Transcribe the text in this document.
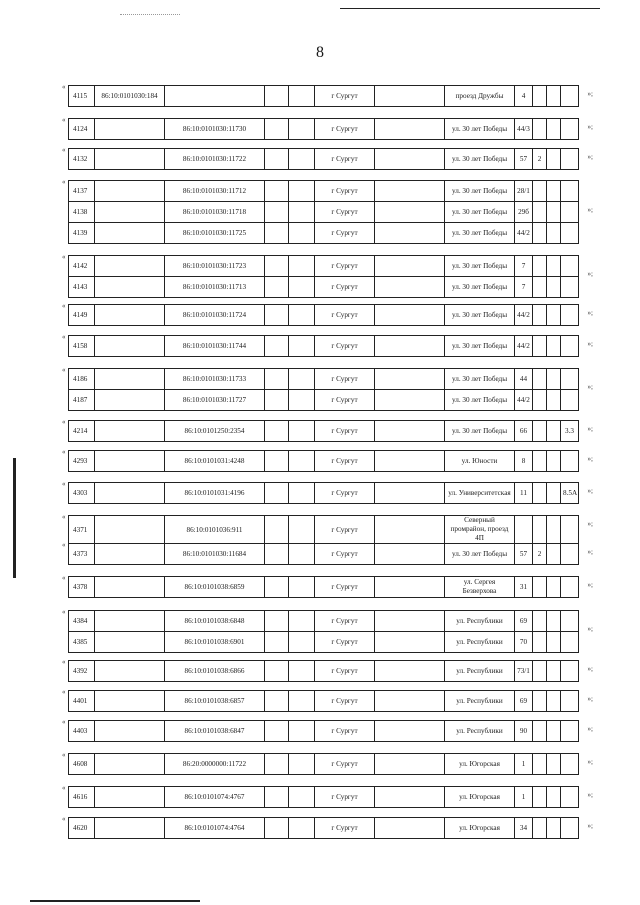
8
«
4115	86:10:0101030:184				г Сургут		проезд Дружбы	4				»;
«
4124		86:10:0101030:11730			г Сургут		ул. 30 лет Победы	44/3				»;
«
4132		86:10:0101030:11722			г Сургут		ул. 30 лет Победы	57	2			»;
«
4137		86:10:0101030:11712			г Сургут		ул. 30 лет Победы	28/1			
4138		86:10:0101030:11718			г Сургут		ул. 30 лет Победы	29б			
4139		86:10:0101030:11725			г Сургут		ул. 30 лет Победы	44/2			
»;
«
4142		86:10:0101030:11723			г Сургут		ул. 30 лет Победы	7			
4143		86:10:0101030:11713			г Сургут		ул. 30 лет Победы	7			
»;
«
4149		86:10:0101030:11724			г Сургут		ул. 30 лет Победы	44/2				»;
«
4158		86:10:0101030:11744			г Сургут		ул. 30 лет Победы	44/2				»;
«
4186		86:10:0101030:11733			г Сургут		ул. 30 лет Победы	44			
4187		86:10:0101030:11727			г Сургут		ул. 30 лет Победы	44/2			
»;
«
4214		86:10:0101250:2354			г Сургут		ул. 30 лет Победы	66			3.3 »;
«
4293		86:10:0101031:4248			г Сургут		ул. Юности	8				»;
«
4303		86:10:0101031:4196			г Сургут		ул. Университетская	11			8.5А »;
«
4371		86:10:0101036:911			г Сургут		Северный промрайон, проезд 4П				
»;
«
4373		86:10:0101030:11684			г Сургут		ул. 30 лет Победы	57	2			»;
«
4378		86:10:0101038:6859			г Сургут		ул. Сергея Безверхова	31				»;
«
4384		86:10:0101038:6848			г Сургут		ул. Республики	69			
4385		86:10:0101038:6901			г Сургут		ул. Республики	70			
»;
«
4392		86:10:0101038:6866			г Сургут		ул. Республики	73/1				»;
«
4401		86:10:0101038:6857			г Сургут		ул. Республики	69				»;
«
4403		86:10:0101038:6847			г Сургут		ул. Республики	90				»;
«
4608		86:20:0000000:11722			г Сургут		ул. Югорская	1				»;
«
4616		86:10:0101074:4767			г Сургут		ул. Югорская	1				»;
«
4620		86:10:0101074:4764			г Сургут		ул. Югорская	34				»;
